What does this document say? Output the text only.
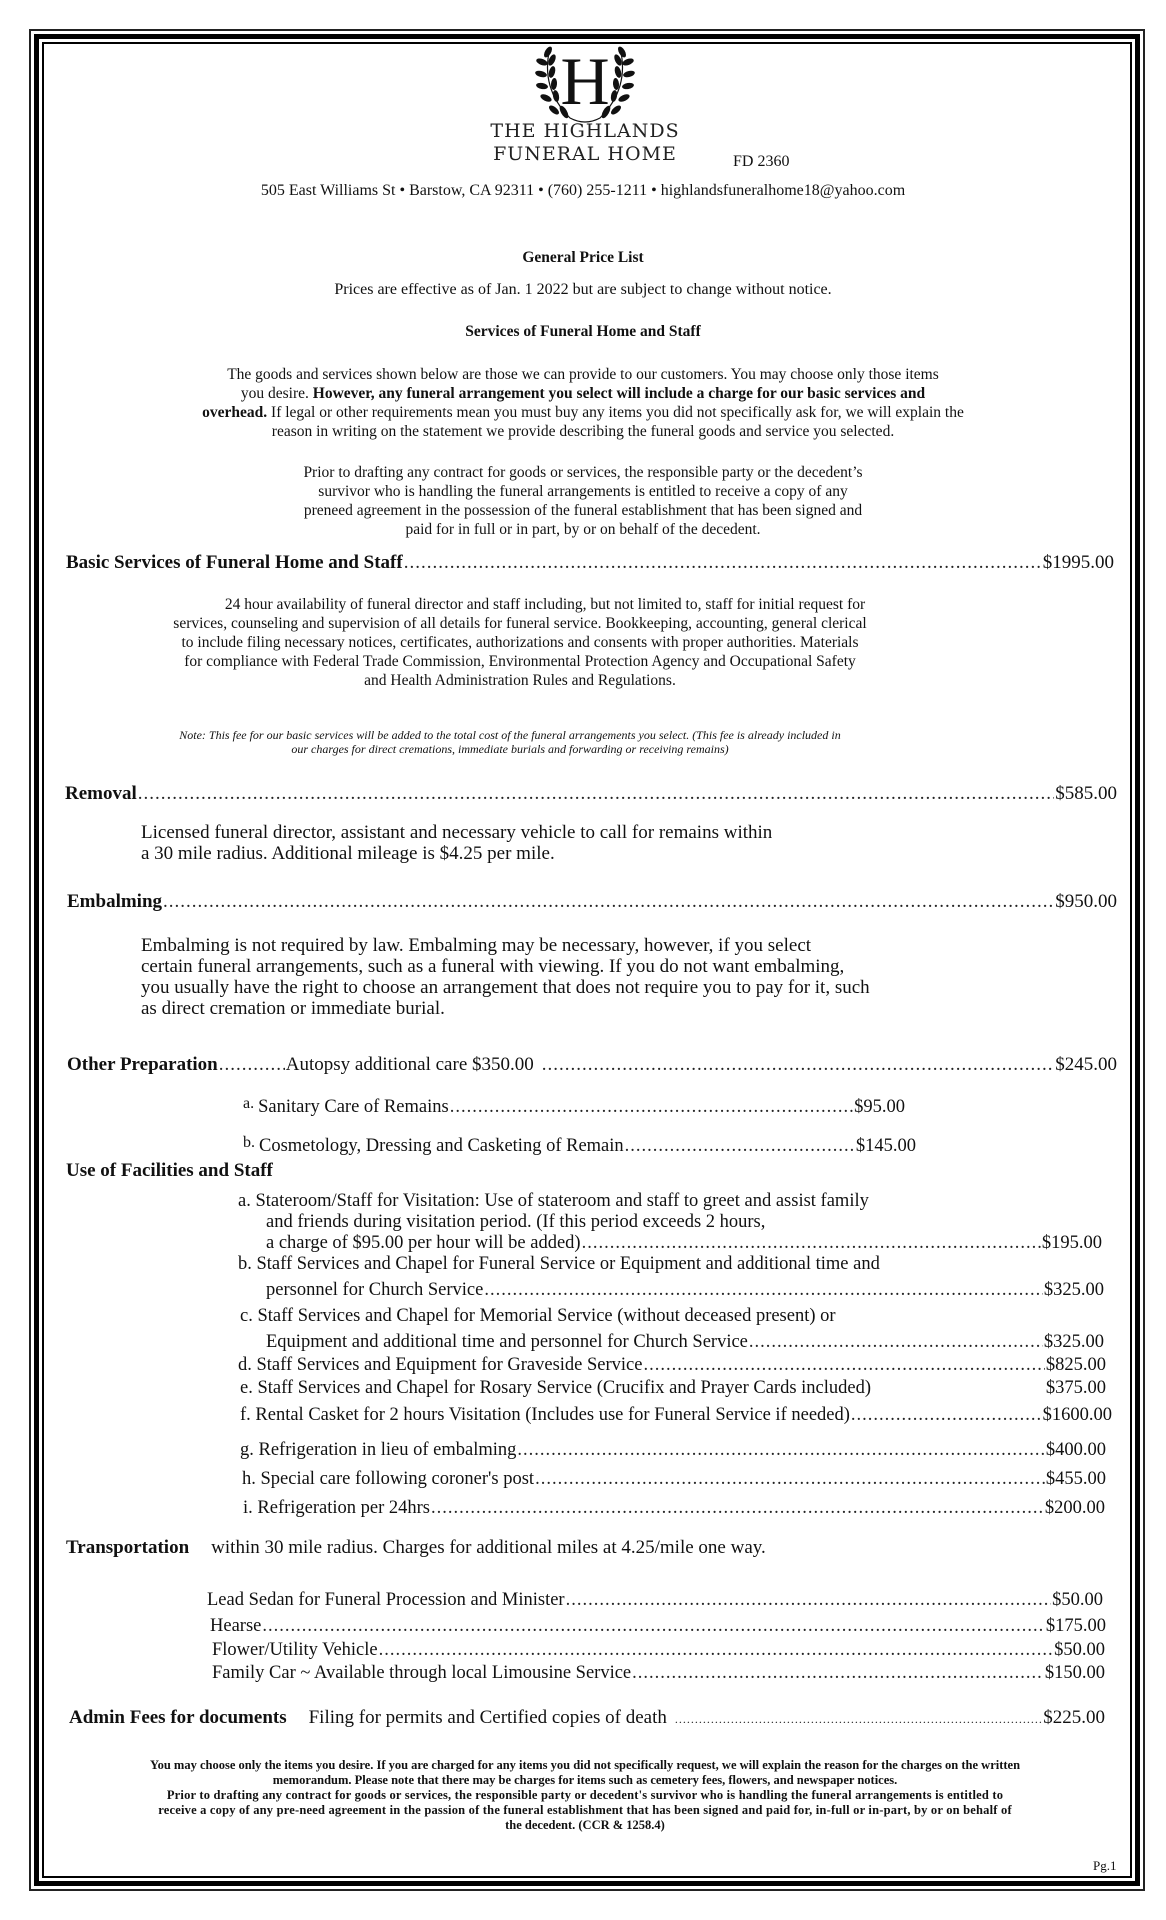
H
THE HIGHLANDS
FUNERAL HOME	FD 2360
505 East Williams St • Barstow, CA 92311 • (760) 255-1211 • highlandsfuneralhome18@yahoo.com
General Price List
Prices are effective as of Jan. 1 2022 but are subject to change without notice.
Services of Funeral Home and Staff
The goods and services shown below are those we can provide to our customers. You may choose only those items
you desire. However, any funeral arrangement you select will include a charge for our basic services and
overhead. If legal or other requirements mean you must buy any items you did not specifically ask for, we will explain the
reason in writing on the statement we provide describing the funeral goods and service you selected.
Prior to drafting any contract for goods or services, the responsible party or the decedent’s
survivor who is handling the funeral arrangements is entitled to receive a copy of any
preneed agreement in the possession of the funeral establishment that has been signed and
paid for in full or in part, by or on behalf of the decedent.
Basic Services of Funeral Home and Staff .....	$1995.00
24 hour availability of funeral director and staff including, but not limited to, staff for initial request for
services, counseling and supervision of all details for funeral service. Bookkeeping, accounting, general clerical
to include filing necessary notices, certificates, authorizations and consents with proper authorities. Materials
for compliance with Federal Trade Commission, Environmental Protection Agency and Occupational Safety
and Health Administration Rules and Regulations.
Note: This fee for our basic services will be added to the total cost of the funeral arrangements you select. (This fee is already included in
our charges for direct cremations, immediate burials and forwarding or receiving remains)
Removal .....	$585.00
Licensed funeral director, assistant and necessary vehicle to call for remains within
a 30 mile radius. Additional mileage is $4.25 per mile.
Embalming .....	$950.00
Embalming is not required by law. Embalming may be necessary, however, if you select
certain funeral arrangements, such as a funeral with viewing. If you do not want embalming,
you usually have the right to choose an arrangement that does not require you to pay for it, such
as direct cremation or immediate burial.
Other Preparation .....	Autopsy additional care $350.00 .....	$245.00
a. Sanitary Care of Remains .....	$95.00
b. Cosmetology, Dressing and Casketing of Remain .....	$145.00
Use of Facilities and Staff
a. Stateroom/Staff for Visitation: Use of stateroom and staff to greet and assist family
and friends during visitation period. (If this period exceeds 2 hours,
a charge of $95.00 per hour will be added) .....	$195.00
b. Staff Services and Chapel for Funeral Service or Equipment and additional time and
personnel for Church Service .....	$325.00
c. Staff Services and Chapel for Memorial Service (without deceased present) or
Equipment and additional time and personnel for Church Service .....	$325.00
d. Staff Services and Equipment for Graveside Service .....	$825.00
e. Staff Services and Chapel for Rosary Service (Crucifix and Prayer Cards included)	$375.00
f. Rental Casket for 2 hours Visitation (Includes use for Funeral Service if needed) .....	$1600.00
g. Refrigeration in lieu of embalming .....	$400.00
h. Special care following coroner's post .....	$455.00
i. Refrigeration per 24hrs .....	$200.00
Transportation within 30 mile radius. Charges for additional miles at 4.25/mile one way.
Lead Sedan for Funeral Procession and Minister .....	$50.00
Hearse .....	$175.00
Flower/Utility Vehicle .....	$50.00
Family Car ~ Available through local Limousine Service .....	$150.00
Admin Fees for documents Filing for permits and Certified copies of death .....	$225.00
You may choose only the items you desire. If you are charged for any items you did not specifically request, we will explain the reason for the charges on the written
memorandum. Please note that there may be charges for items such as cemetery fees, flowers, and newspaper notices.
Prior to drafting any contract for goods or services, the responsible party or decedent's survivor who is handling the funeral arrangements is entitled to
receive a copy of any pre-need agreement in the passion of the funeral establishment that has been signed and paid for, in-full or in-part, by or on behalf of
the decedent. (CCR & 1258.4)
Pg.1
